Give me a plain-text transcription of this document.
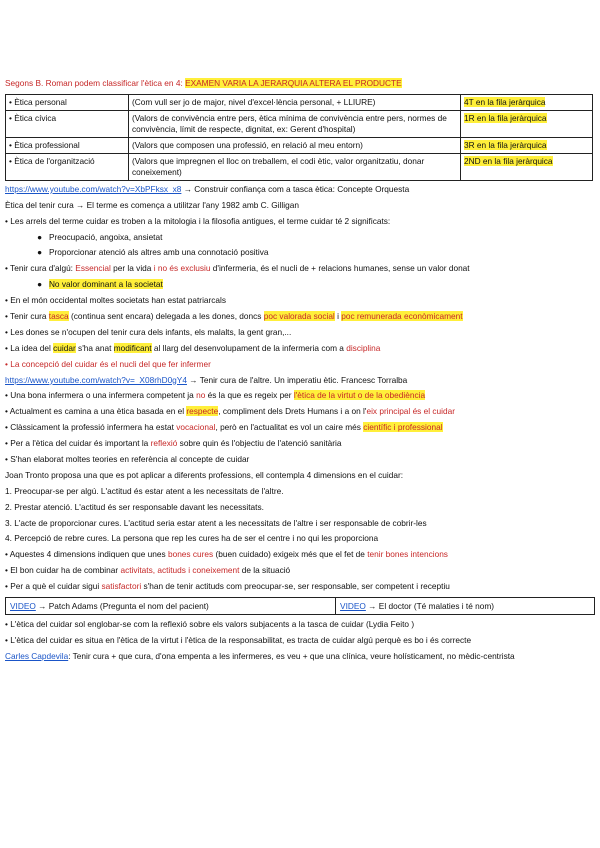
Segons B. Roman podem classificar l'ètica en 4: EXAMEN VARIA LA JERARQUIA ALTERA EL PRODUCTE
• Ètica personal	(Com vull ser jo de major, nivel d'excel·lència personal, + LLIURE)	4T en la fila jeràrquica
• Ètica cívica	(Valors de convivència entre pers, ètica mínima de convivència entre pers, normes de convivència, límit de respecte, dignitat, ex: Gerent d'hospital)	1R en la fila jeràrquica
• Ètica professional	(Valors que composen una professió, en relació al meu entorn)	3R en la fila jeràrquica
• Ètica de l'organització	(Valors que impregnen el lloc on treballem, el codi ètic, valor organitzatiu, donar coneixement)	2ND en la fila jeràrquica
https://www.youtube.com/watch?v=XbPFksx_x8 → Construir confiança com a tasca ètica: Concepte Orquesta
Ètica del tenir cura → El terme es comença a utilitzar l'any 1982 amb C. Gilligan
• Les arrels del terme cuidar es troben a la mitologia i la filosofia antigues, el terme cuidar té 2 significats:
●   Preocupació, angoixa, ansietat
●   Proporcionar atenció als altres amb una connotació positiva
• Tenir cura d'algú: Essencial per la vida i no és exclusiu d'infermeria, és el nucli de + relacions humanes, sense un valor donat
●   No valor dominant a la societat
• En el món occidental moltes societats han estat patriarcals
• Tenir cura tasca (continua sent encara) delegada a les dones, doncs poc valorada social i poc remunerada econòmicament
• Les dones se n'ocupen del tenir cura dels infants, els malalts, la gent gran,...
• La idea del cuidar s'ha anat modificant al llarg del desenvolupament de la infermeria com a disciplina
• La concepció del cuidar és el nucli del que fer infermer
https://www.youtube.com/watch?v=_X08rhD0gY4 → Tenir cura de l'altre. Un imperatiu ètic. Francesc Torralba
• Una bona infermera o una infermera competent ja no és la que es regeix per l'ètica de la virtut o de la obediència
• Actualment es camina a una ètica basada en el respecte, compliment dels Drets Humans i a on l'eix principal és el cuidar
• Clàssicament la professió infermera ha estat vocacional, però en l'actualitat es vol un caire més científic i professional
• Per a l'ètica del cuidar és important la reflexió sobre quin és l'objectiu de l'atenció sanitària
• S'han elaborat moltes teories en referència al concepte de cuidar
Joan Tronto proposa una que es pot aplicar a diferents professions, ell contempla 4 dimensions en el cuidar:
1. Preocupar-se per algú. L'actitud és estar atent a les necessitats de l'altre.
2. Prestar atenció. L'actitud és ser responsable davant les necessitats.
3. L'acte de proporcionar cures. L'actitud seria estar atent a les necessitats de l'altre i ser responsable de cobrir-les
4. Percepció de rebre cures. La persona que rep les cures ha de ser el centre i no qui les proporciona
• Aquestes 4 dimensions indiquen que unes bones cures (buen cuidado) exigeix més que el fet de tenir bones intencions
• El bon cuidar ha de combinar activitats, actituds i coneixement de la situació
• Per a què el cuidar sigui satisfactori s'han de tenir actituds com preocupar-se, ser responsable, ser competent i receptiu
VIDEO → Patch Adams (Pregunta el nom del pacient)	VIDEO → El doctor (Té malaties i té nom)
• L'ètica del cuidar sol englobar-se com la reflexió sobre els valors subjacents a la tasca de cuidar (Lydia Feito )
• L'ètica del cuidar es situa en l'ètica de la virtut i l'ètica de la responsabilitat, es tracta de cuidar algú perquè es bo i és correcte
Carles Capdevila: Tenir cura + que cura, d'ona empenta a les infermeres, es veu + que una clínica, veure holísticament, no mèdic-centrista
